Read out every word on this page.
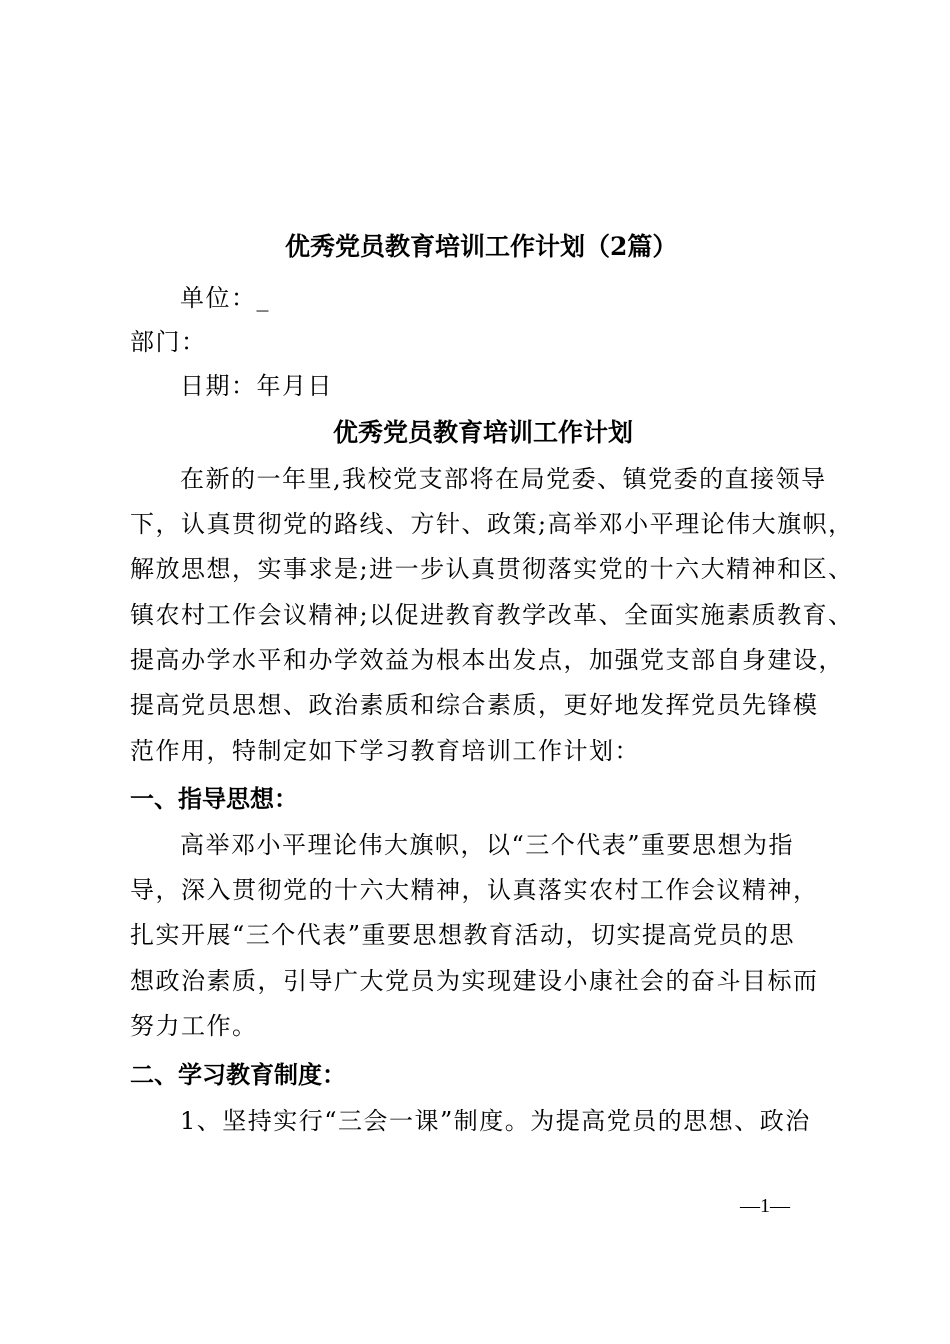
优秀党员教育培训工作计划（2篇）
单位：_
部门：
日期：年月日
优秀党员教育培训工作计划
在新的一年里,我校党支部将在局党委、镇党委的直接领导
下，认真贯彻党的路线、方针、政策;高举邓小平理论伟大旗帜，
解放思想，实事求是;进一步认真贯彻落实党的十六大精神和区、
镇农村工作会议精神;以促进教育教学改革、全面实施素质教育、
提高办学水平和办学效益为根本出发点，加强党支部自身建设，
提高党员思想、政治素质和综合素质，更好地发挥党员先锋模
范作用，特制定如下学习教育培训工作计划：
一、指导思想：
高举邓小平理论伟大旗帜，以“三个代表”重要思想为指
导，深入贯彻党的十六大精神，认真落实农村工作会议精神，
扎实开展“三个代表”重要思想教育活动，切实提高党员的思
想政治素质，引导广大党员为实现建设小康社会的奋斗目标而
努力工作。
二、学习教育制度：
1、坚持实行“三会一课”制度。为提高党员的思想、政治
—1—
